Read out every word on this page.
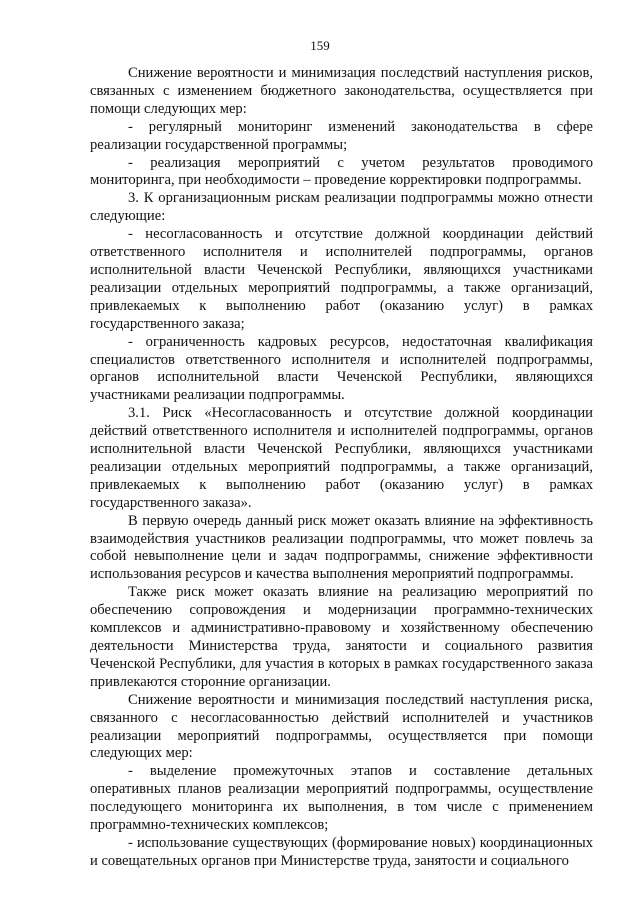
159

Снижение вероятности и минимизация последствий наступления рисков, связанных с изменением бюджетного законодательства, осуществляется при помощи следующих мер:

- регулярный мониторинг изменений законодательства в сфере реализации государственной программы;

- реализация мероприятий с учетом результатов проводимого мониторинга, при необходимости – проведение корректировки подпрограммы.

3. К организационным рискам реализации подпрограммы можно отнести следующие:

- несогласованность и отсутствие должной координации действий ответственного исполнителя и исполнителей подпрограммы, органов исполнительной власти Чеченской Республики, являющихся участниками реализации отдельных мероприятий подпрограммы, а также организаций, привлекаемых к выполнению работ (оказанию услуг) в рамках государственного заказа;

- ограниченность кадровых ресурсов, недостаточная квалификация специалистов ответственного исполнителя и исполнителей подпрограммы, органов исполнительной власти Чеченской Республики, являющихся участниками реализации подпрограммы.

3.1. Риск «Несогласованность и отсутствие должной координации действий ответственного исполнителя и исполнителей подпрограммы, органов исполнительной власти Чеченской Республики, являющихся участниками реализации отдельных мероприятий подпрограммы, а также организаций, привлекаемых к выполнению работ (оказанию услуг) в рамках государственного заказа».

В первую очередь данный риск может оказать влияние на эффективность взаимодействия участников реализации подпрограммы, что может повлечь за собой невыполнение цели и задач подпрограммы, снижение эффективности использования ресурсов и качества выполнения мероприятий подпрограммы.

Также риск может оказать влияние на реализацию мероприятий по обеспечению сопровождения и модернизации программно-технических комплексов и административно-правовому и хозяйственному обеспечению деятельности Министерства труда, занятости и социального развития Чеченской Республики, для участия в которых в рамках государственного заказа привлекаются сторонние организации.

Снижение вероятности и минимизация последствий наступления риска, связанного с несогласованностью действий исполнителей и участников реализации мероприятий подпрограммы, осуществляется при помощи следующих мер:

- выделение промежуточных этапов и составление детальных оперативных планов реализации мероприятий подпрограммы, осуществление последующего мониторинга их выполнения, в том числе с применением программно-технических комплексов;

- использование существующих (формирование новых) координационных и совещательных органов при Министерстве труда, занятости и социального
